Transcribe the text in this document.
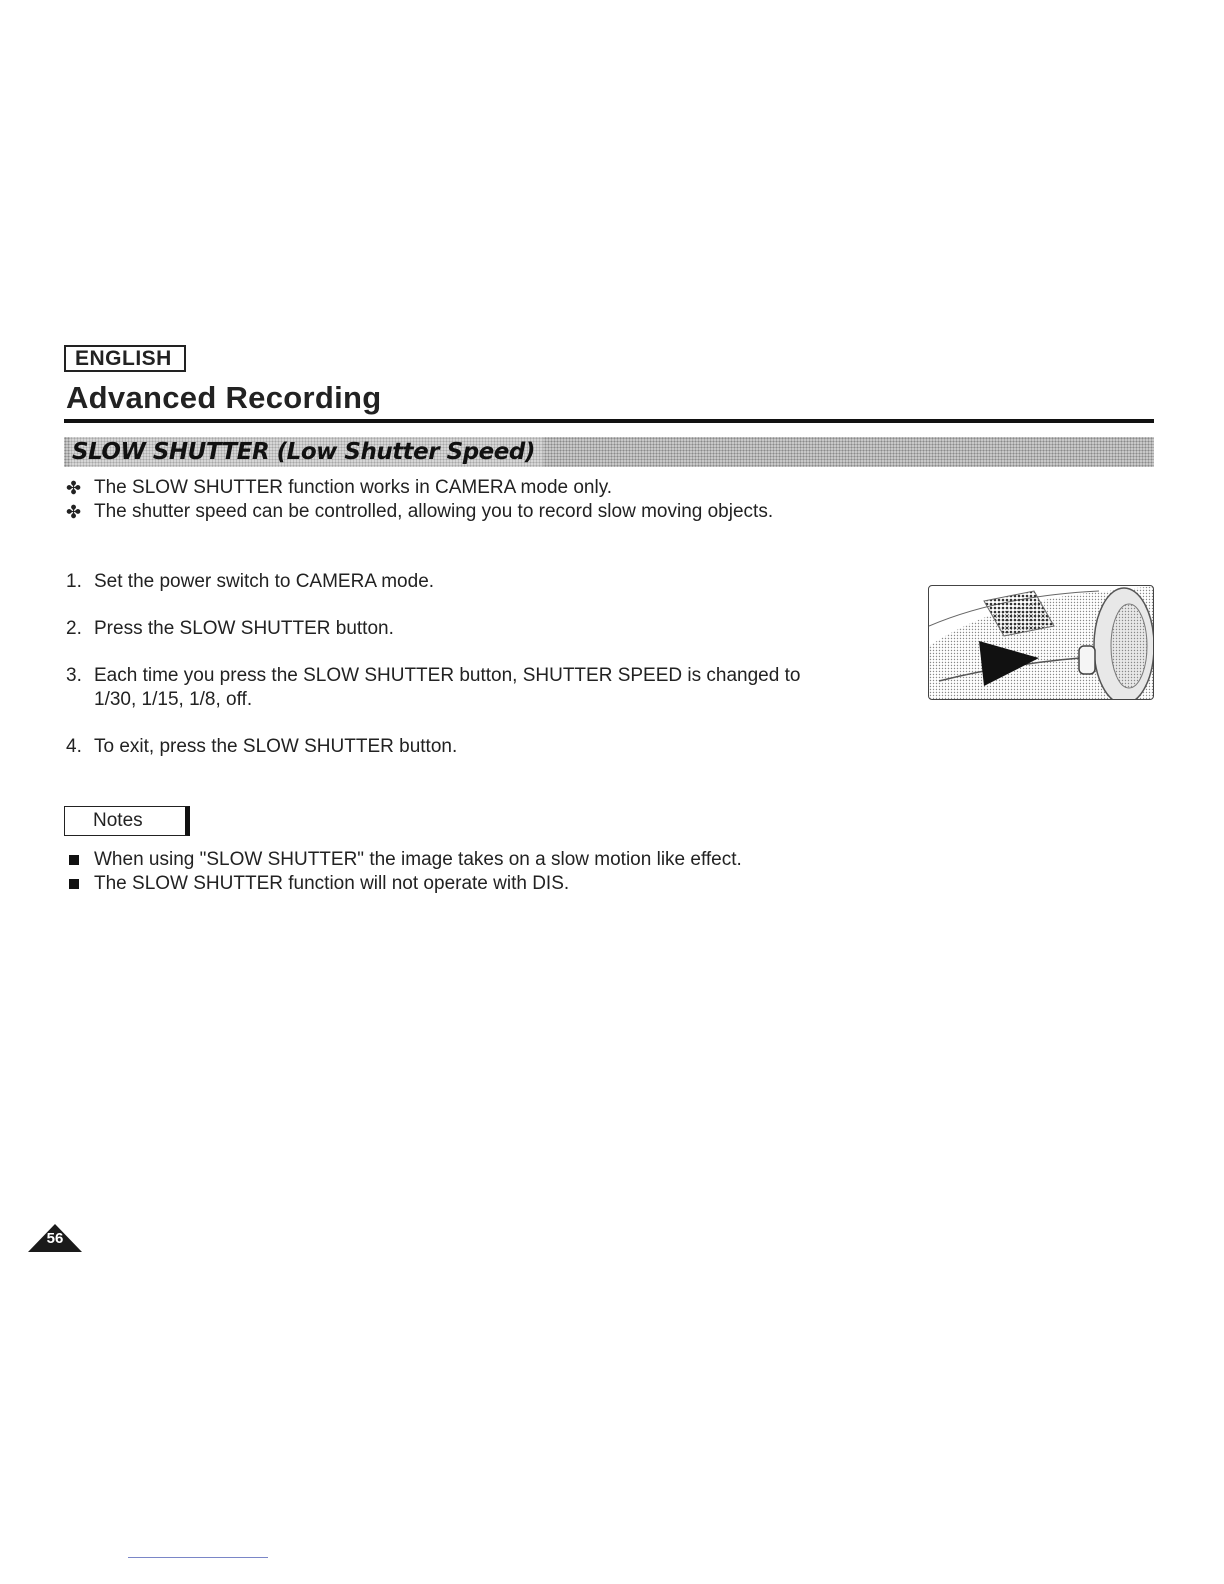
ENGLISH
Advanced Recording
SLOW SHUTTER (Low Shutter Speed)
✤ The SLOW SHUTTER function works in CAMERA mode only.
✤ The shutter speed can be controlled, allowing you to record slow moving objects.
1. Set the power switch to CAMERA mode.
2. Press the SLOW SHUTTER button.
3. Each time you press the SLOW SHUTTER button, SHUTTER SPEED is changed to 1/30, 1/15, 1/8, off.
4. To exit, press the SLOW SHUTTER button.
Notes
When using "SLOW SHUTTER" the image takes on a slow motion like effect.
The SLOW SHUTTER function will not operate with DIS.
56
